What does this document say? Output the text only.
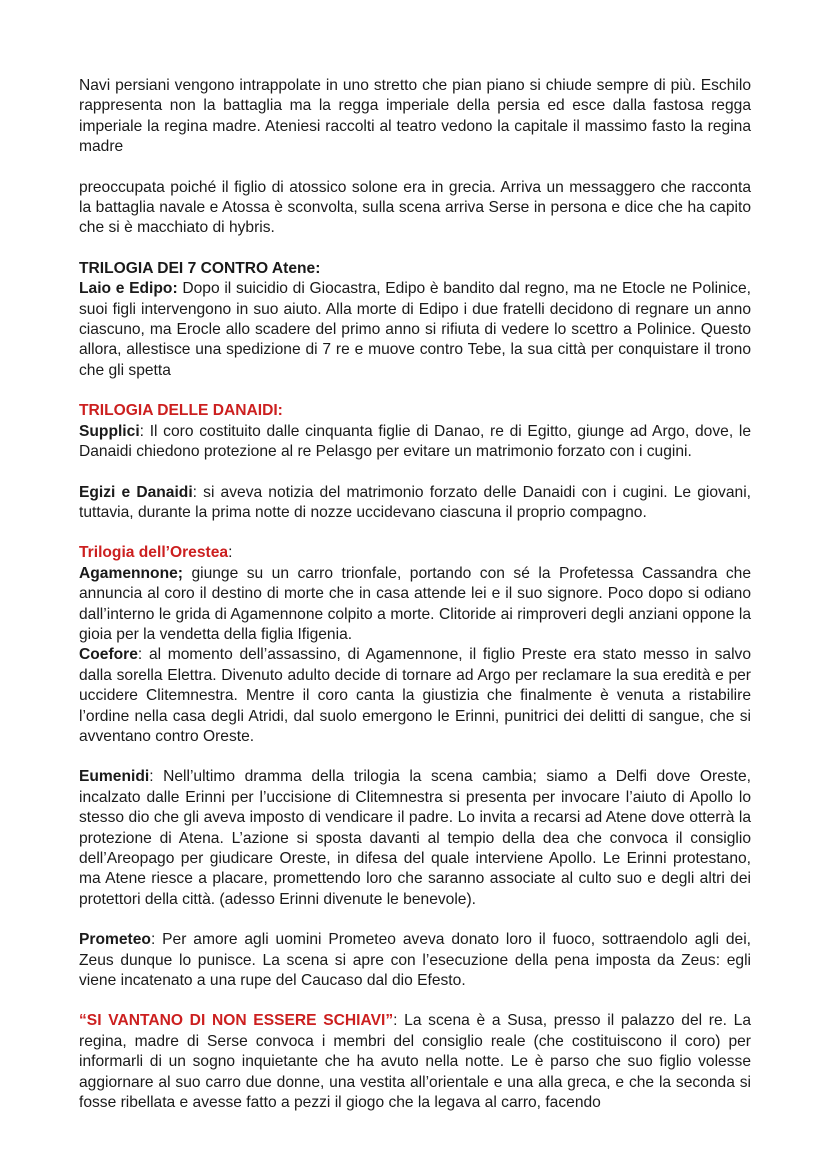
Navi persiani vengono intrappolate in uno stretto che pian piano si chiude sempre di più. Eschilo rappresenta non la battaglia ma la regga imperiale della persia ed esce dalla fastosa regga imperiale la regina madre. Ateniesi raccolti al teatro vedono la capitale il massimo fasto la regina madre

preoccupata poiché il figlio di atossico solone era in grecia. Arriva un messaggero che racconta la battaglia navale e Atossa è sconvolta, sulla scena arriva Serse in persona e dice che ha capito che si è macchiato di hybris.

TRILOGIA DEI 7 CONTRO Atene:

Laio e Edipo: Dopo il suicidio di Giocastra, Edipo è bandito dal regno, ma ne Etocle ne Polinice, suoi figli intervengono in suo aiuto. Alla morte di Edipo i due fratelli decidono di regnare un anno ciascuno, ma Erocle allo scadere del primo anno si rifiuta di vedere lo scettro a Polinice. Questo allora, allestisce una spedizione di 7 re e muove contro Tebe, la sua città per conquistare il trono che gli spetta

TRILOGIA DELLE DANAIDI:

Supplici: Il coro costituito dalle cinquanta figlie di Danao, re di Egitto, giunge ad Argo, dove, le Danaidi chiedono protezione al re Pelasgo per evitare un matrimonio forzato con i cugini.

Egizi e Danaidi: si aveva notizia del matrimonio forzato delle Danaidi con i cugini. Le giovani, tuttavia, durante la prima notte di nozze uccidevano ciascuna il proprio compagno.

Trilogia dell’Orestea:

Agamennone; giunge su un carro trionfale, portando con sé la Profetessa Cassandra che annuncia al coro il destino di morte che in casa attende lei e il suo signore. Poco dopo si odiano dall’interno le grida di Agamennone colpito a morte. Clitoride ai rimproveri degli anziani oppone la gioia per la vendetta della figlia Ifigenia.

Coefore: al momento dell’assassino, di Agamennone, il figlio Preste era stato messo in salvo dalla sorella Elettra. Divenuto adulto decide di tornare ad Argo per reclamare la sua eredità e per uccidere Clitemnestra. Mentre il coro canta la giustizia che finalmente è venuta a ristabilire l’ordine nella casa degli Atridi, dal suolo emergono le Erinni, punitrici dei delitti di sangue, che si avventano contro Oreste.

Eumenidi: Nell’ultimo dramma della trilogia la scena cambia; siamo a Delfi dove Oreste, incalzato dalle Erinni per l’uccisione di Clitemnestra si presenta per invocare l’aiuto di Apollo lo stesso dio che gli aveva imposto di vendicare il padre. Lo invita a recarsi ad Atene dove otterrà la protezione di Atena. L’azione si sposta davanti al tempio della dea che convoca il consiglio dell’Areopago per giudicare Oreste, in difesa del quale interviene Apollo. Le Erinni protestano, ma Atene riesce a placare, promettendo loro che saranno associate al culto suo e degli altri dei protettori della città. (adesso Erinni divenute le benevole).

Prometeo: Per amore agli uomini Prometeo aveva donato loro il fuoco, sottraendolo agli dei, Zeus dunque lo punisce. La scena si apre con l’esecuzione della pena imposta da Zeus: egli viene incatenato a una rupe del Caucaso dal dio Efesto.

“SI VANTANO DI NON ESSERE SCHIAVI”: La scena è a Susa, presso il palazzo del re. La regina, madre di Serse convoca i membri del consiglio reale (che costituiscono il coro) per informarli di un sogno inquietante che ha avuto nella notte. Le è parso che suo figlio volesse aggiornare al suo carro due donne, una vestita all’orientale e una alla greca, e che la seconda si fosse ribellata e avesse fatto a pezzi il giogo che la legava al carro, facendo
